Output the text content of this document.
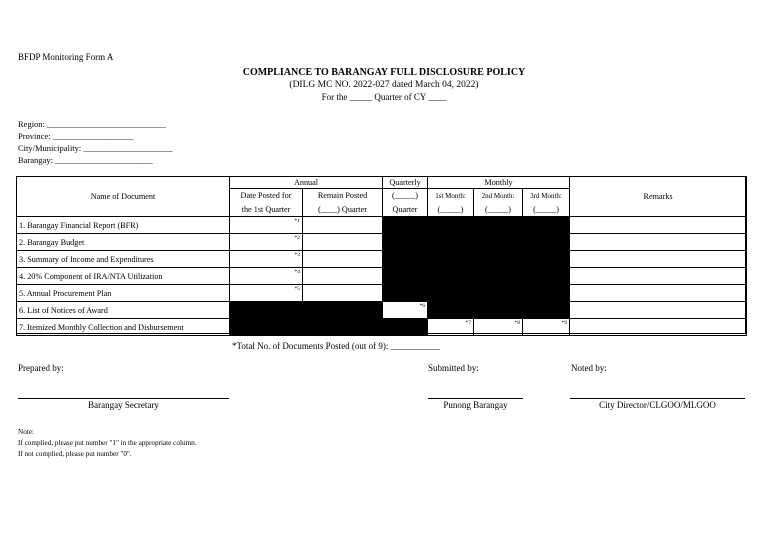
BFDP Monitoring Form A
COMPLIANCE TO BARANGAY FULL DISCLOSURE POLICY
(DILG MC NO. 2022-027 dated March 04, 2022)
For the _____ Quarter of CY ____
Region: ____________________________
Province: ___________________
City/Municipality: _____________________
Barangay: _______________________
Name of Document	Annual		Quarterly	Monthly			Remarks
	Date Posted for	Remain Posted	(_____)	1st Month:	2nd Month:	3rd Month:	
	the 1st Quarter	(____) Quarter	Quarter	(_____)	(_____)	(_____)	
1. Barangay Financial Report (BFR)	*1						
2. Barangay Budget	*2						
3. Summary of Income and Expenditures	*3						
4. 20% Component of IRA/NTA Utilization	*4						
5. Annual Procurement Plan	*5						
6. List of Notices of Award			*6				
7. Itemized Monthly Collection and Disbursement				*7	*8	*9	
*Total No. of Documents Posted (out of 9): ___________
Prepared by:	Submitted by:	Noted by:
Barangay Secretary	Punong Barangay	City Director/CLGOO/MLGOO
Note:
If complied, please put number "1" in the appropriate column.
If not complied, please put number "0".
